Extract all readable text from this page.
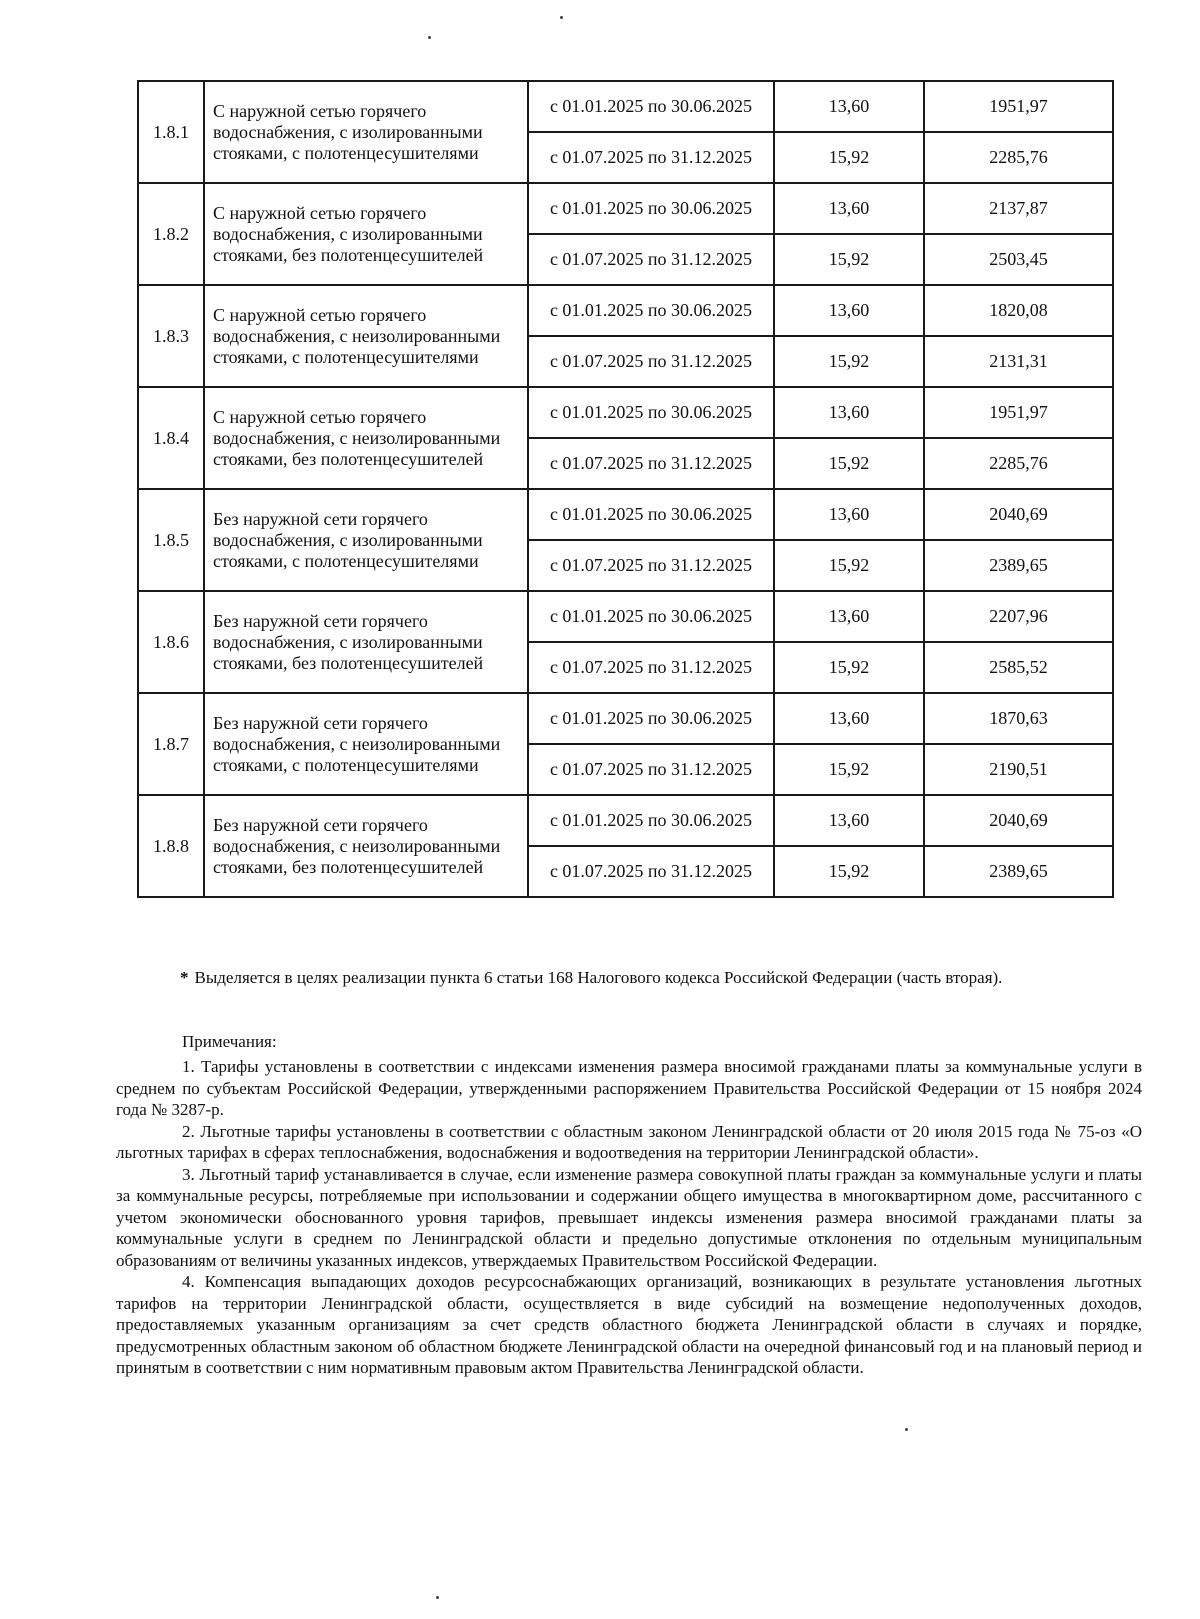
1.8.1	С наружной сетью горячего водоснабжения, с изолированными стояками, с полотенцесушителями	с 01.01.2025 по 30.06.2025	13,60	1951,97
		с 01.07.2025 по 31.12.2025	15,92	2285,76
1.8.2	С наружной сетью горячего водоснабжения, с изолированными стояками, без полотенцесушителей	с 01.01.2025 по 30.06.2025	13,60	2137,87
		с 01.07.2025 по 31.12.2025	15,92	2503,45
1.8.3	С наружной сетью горячего водоснабжения, с неизолированными стояками, с полотенцесушителями	с 01.01.2025 по 30.06.2025	13,60	1820,08
		с 01.07.2025 по 31.12.2025	15,92	2131,31
1.8.4	С наружной сетью горячего водоснабжения, с неизолированными стояками, без полотенцесушителей	с 01.01.2025 по 30.06.2025	13,60	1951,97
		с 01.07.2025 по 31.12.2025	15,92	2285,76
1.8.5	Без наружной сети горячего водоснабжения, с изолированными стояками, с полотенцесушителями	с 01.01.2025 по 30.06.2025	13,60	2040,69
		с 01.07.2025 по 31.12.2025	15,92	2389,65
1.8.6	Без наружной сети горячего водоснабжения, с изолированными стояками, без полотенцесушителей	с 01.01.2025 по 30.06.2025	13,60	2207,96
		с 01.07.2025 по 31.12.2025	15,92	2585,52
1.8.7	Без наружной сети горячего водоснабжения, с неизолированными стояками, с полотенцесушителями	с 01.01.2025 по 30.06.2025	13,60	1870,63
		с 01.07.2025 по 31.12.2025	15,92	2190,51
1.8.8	Без наружной сети горячего водоснабжения, с неизолированными стояками, без полотенцесушителей	с 01.01.2025 по 30.06.2025	13,60	2040,69
		с 01.07.2025 по 31.12.2025	15,92	2389,65
* Выделяется в целях реализации пункта 6 статьи 168 Налогового кодекса Российской Федерации (часть вторая).
Примечания:

1. Тарифы установлены в соответствии с индексами изменения размера вносимой гражданами платы за коммунальные услуги в среднем по субъектам Российской Федерации, утвержденными распоряжением Правительства Российской Федерации от 15 ноября 2024 года № 3287-р.

2. Льготные тарифы установлены в соответствии с областным законом Ленинградской области от 20 июля 2015 года № 75-оз «О льготных тарифах в сферах теплоснабжения, водоснабжения и водоотведения на территории Ленинградской области».

3. Льготный тариф устанавливается в случае, если изменение размера совокупной платы граждан за коммунальные услуги и платы за коммунальные ресурсы, потребляемые при использовании и содержании общего имущества в многоквартирном доме, рассчитанного с учетом экономически обоснованного уровня тарифов, превышает индексы изменения размера вносимой гражданами платы за коммунальные услуги в среднем по Ленинградской области и предельно допустимые отклонения по отдельным муниципальным образованиям от величины указанных индексов, утверждаемых Правительством Российской Федерации.

4. Компенсация выпадающих доходов ресурсоснабжающих организаций, возникающих в результате установления льготных тарифов на территории Ленинградской области, осуществляется в виде субсидий на возмещение недополученных доходов, предоставляемых указанным организациям за счет средств областного бюджета Ленинградской области в случаях и порядке, предусмотренных областным законом об областном бюджете Ленинградской области на очередной финансовый год и на плановый период и принятым в соответствии с ним нормативным правовым актом Правительства Ленинградской области.
